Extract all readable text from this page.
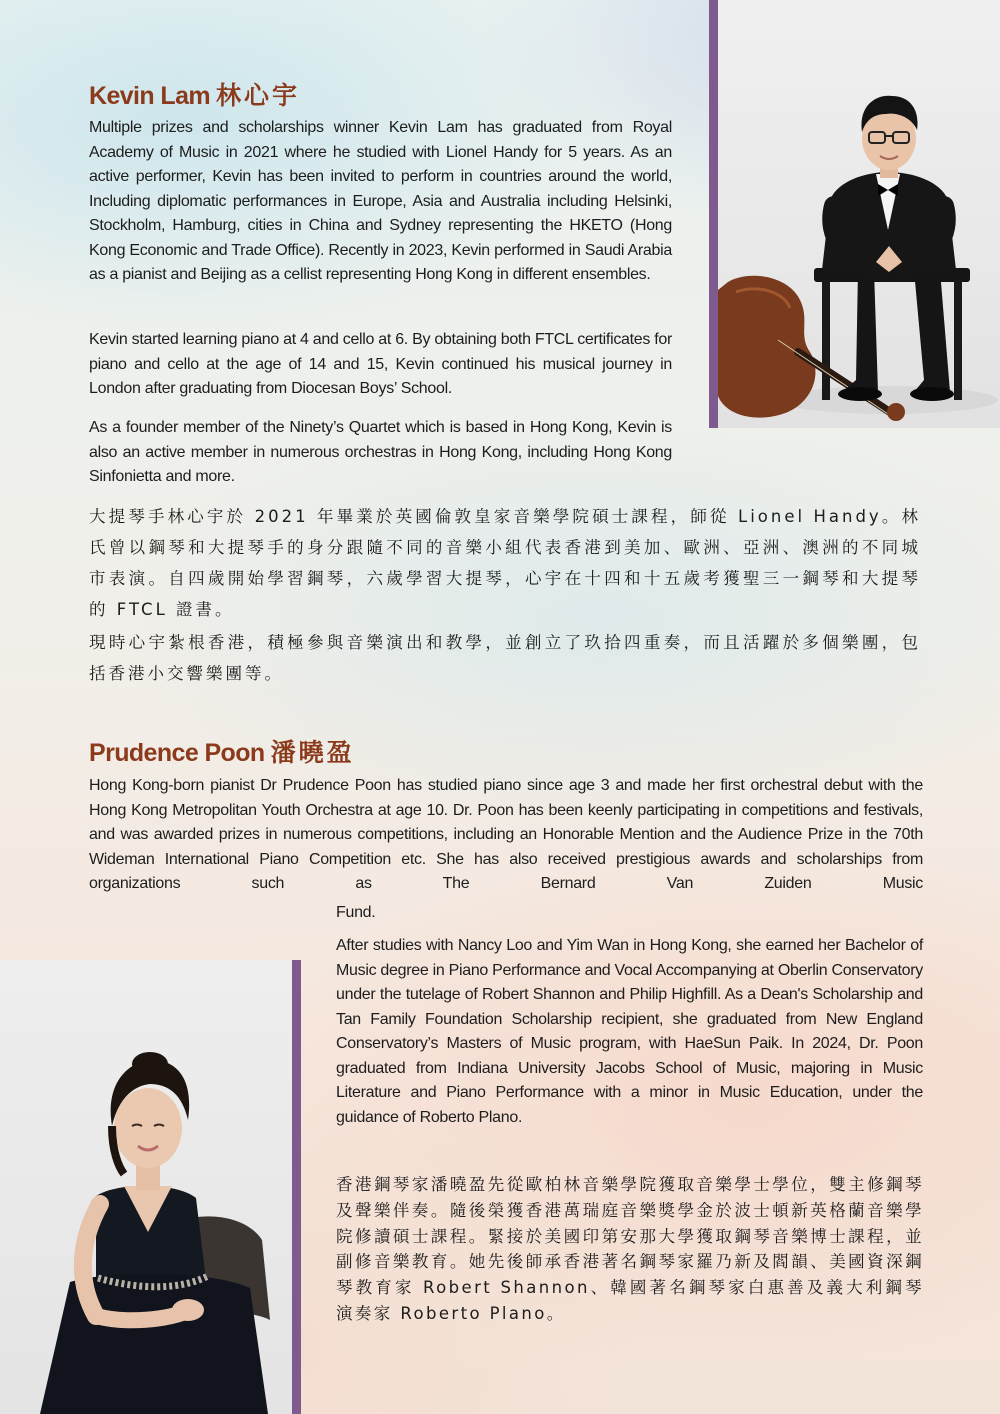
Kevin Lam 林心宇

Multiple prizes and scholarships winner Kevin Lam has graduated from Royal Academy of Music in 2021 where he studied with Lionel Handy for 5 years. As an active performer, Kevin has been invited to perform in countries around the world, Including diplomatic performances in Europe, Asia and Australia including Helsinki, Stockholm, Hamburg, cities in China and Sydney representing the HKETO (Hong Kong Economic and Trade Office). Recently in 2023, Kevin performed in Saudi Arabia as a pianist and Beijing as a cellist representing Hong Kong in different ensembles.

Kevin started learning piano at 4 and cello at 6. By obtaining both FTCL certificates for piano and cello at the age of 14 and 15, Kevin continued his musical journey in London after graduating from Diocesan Boys’ School.

As a founder member of the Ninety’s Quartet which is based in Hong Kong, Kevin is also an active member in numerous orchestras in Hong Kong, including Hong Kong Sinfonietta and more.

大提琴手林心宇於 2021 年畢業於英國倫敦皇家音樂學院碩士課程，師從 Lionel Handy。林氏曾以鋼琴和大提琴手的身分跟隨不同的音樂小組代表香港到美加、歐洲、亞洲、澳洲的不同城市表演。自四歲開始學習鋼琴，六歲學習大提琴，心宇在十四和十五歲考獲聖三一鋼琴和大提琴的 FTCL 證書。

現時心宇紮根香港，積極參與音樂演出和教學，並創立了玖拾四重奏，而且活躍於多個樂團，包括香港小交響樂團等。

Prudence Poon 潘曉盈

Hong Kong-born pianist Dr Prudence Poon has studied piano since age 3 and made her first orchestral debut with the Hong Kong Metropolitan Youth Orchestra at age 10. Dr. Poon has been keenly participating in competitions and festivals, and was awarded prizes in numerous competitions, including an Honorable Mention and the Audience Prize in the 70th Wideman International Piano Competition etc. She has also received prestigious awards and scholarships from organizations such as The Bernard Van Zuiden Music

Fund.

After studies with Nancy Loo and Yim Wan in Hong Kong, she earned her Bachelor of Music degree in Piano Performance and Vocal Accompanying at Oberlin Conservatory under the tutelage of Robert Shannon and Philip Highfill. As a Dean's Scholarship and Tan Family Foundation Scholarship recipient, she graduated from New England Conservatory’s Masters of Music program, with HaeSun Paik. In 2024, Dr. Poon graduated from Indiana University Jacobs School of Music, majoring in Music Literature and Piano Performance with a minor in Music Education, under the guidance of Roberto Plano.

香港鋼琴家潘曉盈先從歐柏林音樂學院獲取音樂學士學位，雙主修鋼琴及聲樂伴奏。隨後榮獲香港萬瑞庭音樂獎學金於波士頓新英格蘭音樂學院修讀碩士課程。緊接於美國印第安那大學獲取鋼琴音樂博士課程，並副修音樂教育。她先後師承香港著名鋼琴家羅乃新及閻韻、美國資深鋼琴教育家 Robert Shannon、韓國著名鋼琴家白惠善及義大利鋼琴演奏家 Roberto Plano。
